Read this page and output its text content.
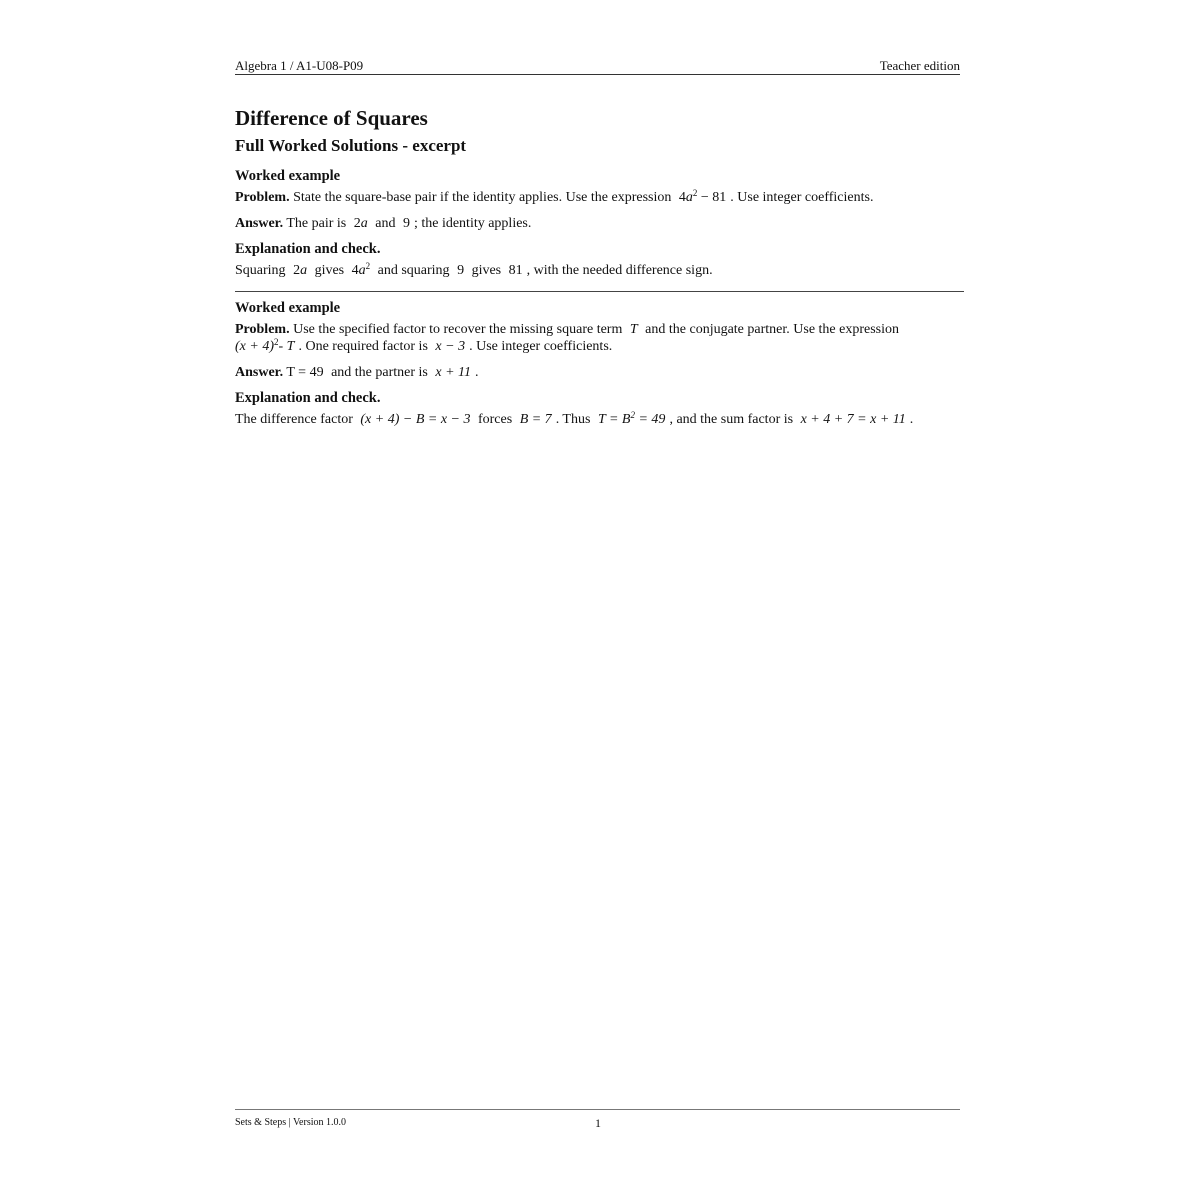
Algebra 1 / A1-U08-P09	Teacher edition
Difference of Squares
Full Worked Solutions - excerpt
Worked example

Problem. State the square-base pair if the identity applies. Use the expression $4a^2 - 81$ . Use integer coefficients.

Answer. The pair is 2a and 9 ; the identity applies.

Explanation and check.

Squaring 2a gives $4a^2$ and squaring 9 gives 81 , with the needed difference sign.

Worked example

Problem. Use the specified factor to recover the missing square term T and the conjugate partner. Use the expression $(x + 4)^2-$ T . One required factor is x − 3 . Use integer coefficients.

Answer. T = 49 and the partner is x + 11 .

Explanation and check.

The difference factor (x + 4) − B = x − 3 forces B = 7 . Thus $T = B^2 = 49$ , and the sum factor is x + 4 + 7 = x + 11 .

Sets & Steps | Version 1.0.0	1
